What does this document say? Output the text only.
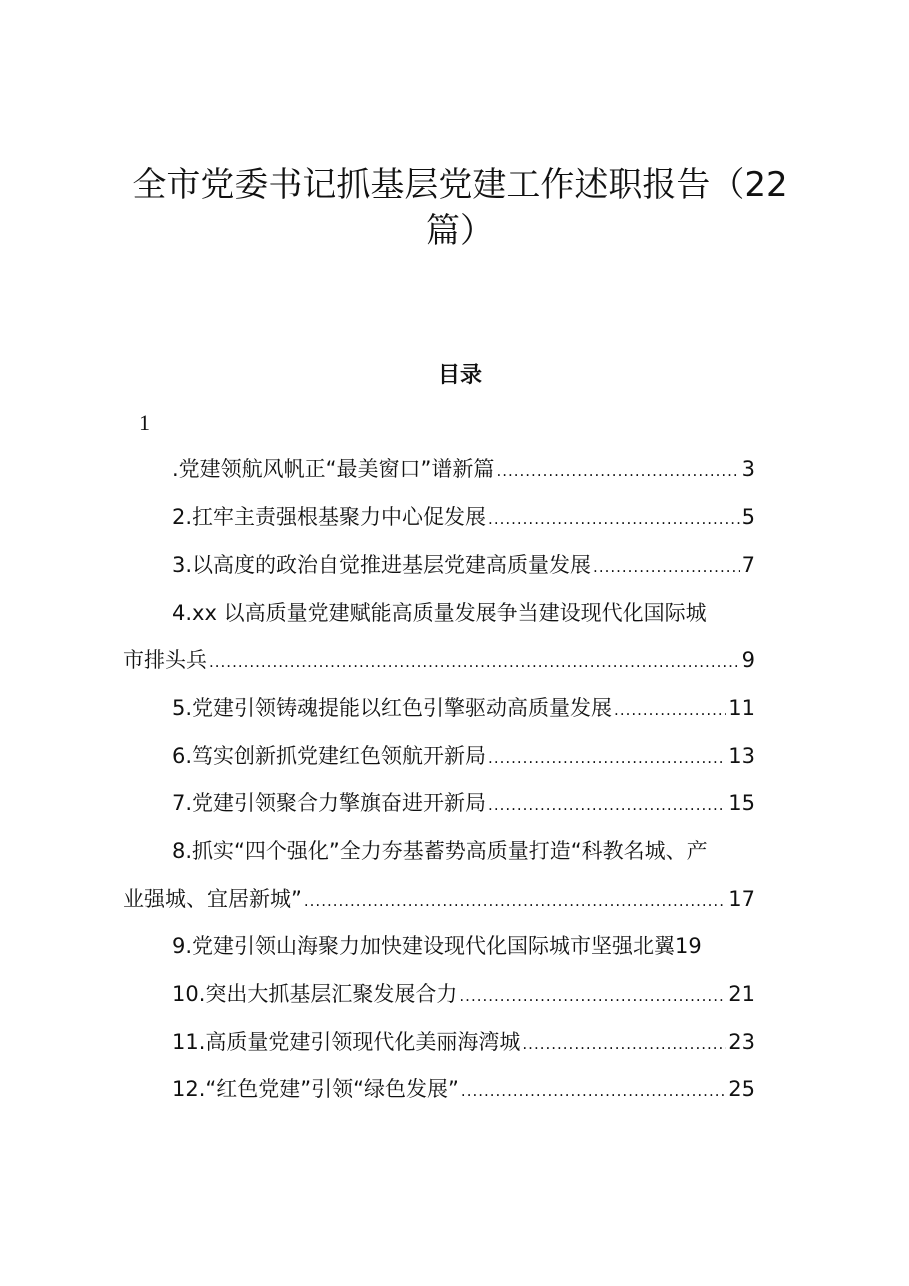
全市党委书记抓基层党建工作述职报告（22篇）
目录
1
.党建领航风帆正“最美窗口”谱新篇 .....	3
2.扛牢主责强根基聚力中心促发展 .....	5
3.以高度的政治自觉推进基层党建高质量发展 .....	7
4.xx 以高质量党建赋能高质量发展争当建设现代化国际城
市排头兵 .....	9
5.党建引领铸魂提能以红色引擎驱动高质量发展 .....	11
6.笃实创新抓党建红色领航开新局 .....	13
7.党建引领聚合力擎旗奋进开新局 .....	15
8.抓实“四个强化”全力夯基蓄势高质量打造“科教名城、产
业强城、宜居新城” .....	17
9.党建引领山海聚力加快建设现代化国际城市坚强北翼 19
10.突出大抓基层汇聚发展合力 .....	21
11.高质量党建引领现代化美丽海湾城 .....	23
12.“红色党建”引领“绿色发展” .....	25
